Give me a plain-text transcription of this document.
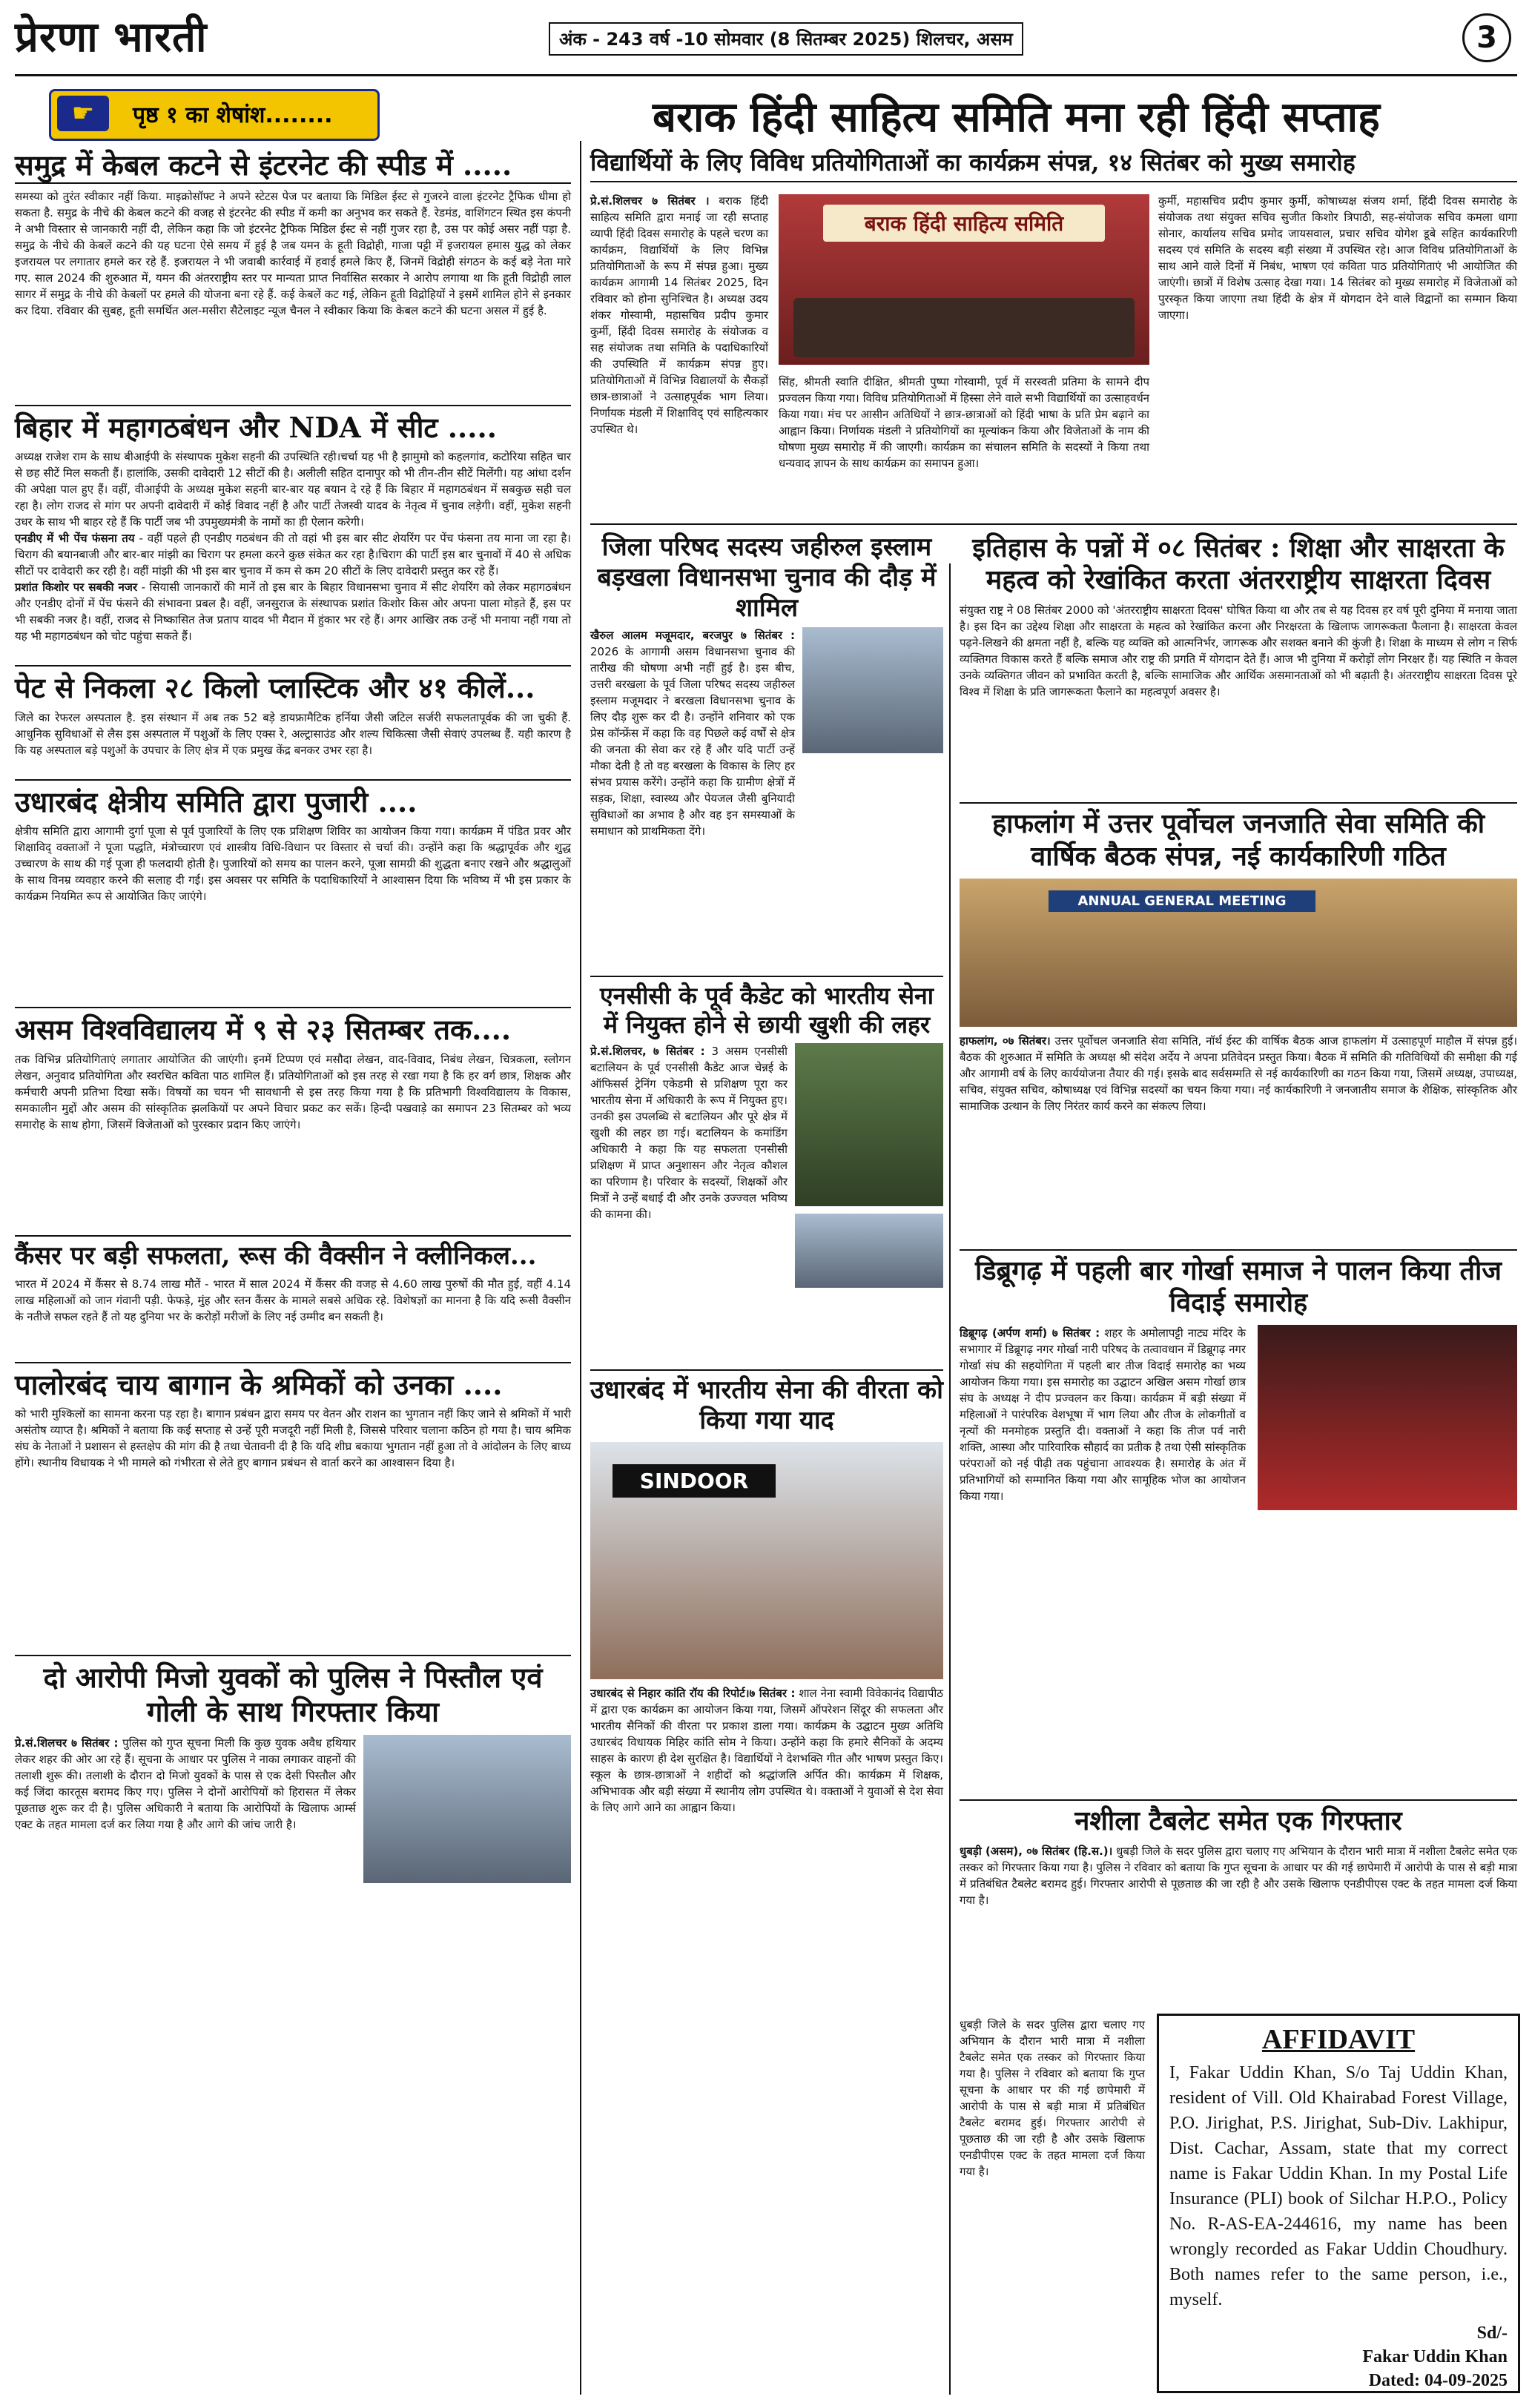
प्रेरणा भारती	अंक - 243 वर्ष -10 सोमवार (8 सितम्बर 2025) शिलचर, असम	3
☛	पृष्ठ १ का शेषांश........	बराक हिंदी साहित्य समिति मना रही हिंदी सप्ताह
समुद्र में केबल कटने से इंटरनेट की स्पीड में .....
समस्या को तुरंत स्वीकार नहीं किया. माइक्रोसॉफ्ट ने अपने स्टेटस पेज पर बताया कि मिडिल ईस्ट से गुजरने वाला इंटरनेट ट्रैफिक धीमा हो सकता है. समुद्र के नीचे की केबल कटने की वजह से इंटरनेट की स्पीड में कमी का अनुभव कर सकते हैं. रेडमंड, वाशिंगटन स्थित इस कंपनी ने अभी विस्तार से जानकारी नहीं दी, लेकिन कहा कि जो इंटरनेट ट्रैफिक मिडिल ईस्ट से नहीं गुजर रहा है, उस पर कोई असर नहीं पड़ा है. समुद्र के नीचे की केबलें कटने की यह घटना ऐसे समय में हुई है जब यमन के हूती विद्रोही, गाजा पट्टी में इजरायल हमास युद्ध को लेकर इजरायल पर लगातार हमले कर रहे हैं. इजरायल ने भी जवाबी कार्रवाई में हवाई हमले किए हैं, जिनमें विद्रोही संगठन के कई बड़े नेता मारे गए. साल 2024 की शुरुआत में, यमन की अंतरराष्ट्रीय स्तर पर मान्यता प्राप्त निर्वासित सरकार ने आरोप लगाया था कि हूती विद्रोही लाल सागर में समुद्र के नीचे की केबलों पर हमले की योजना बना रहे हैं. कई केबलें कट गई, लेकिन हूती विद्रोहियों ने इसमें शामिल होने से इनकार कर दिया. रविवार की सुबह, हूती समर्थित अल-मसीरा सैटेलाइट न्यूज चैनल ने स्वीकार किया कि केबल कटने की घटना असल में हुई है.
बिहार में महागठबंधन और NDA में सीट .....
अध्यक्ष राजेश राम के साथ बीआईपी के संस्थापक मुकेश सहनी की उपस्थिति रही।चर्चा यह भी है झामुमो को कहलगांव, कटोरिया सहित चार से छह सीटें मिल सकती हैं। हालांकि, उसकी दावेदारी 12 सीटों की है। अलीली सहित दानापुर को भी तीन-तीन सीटें मिलेंगी। यह आंधा दर्शन की अपेक्षा पाल हुए हैं। वहीं, वीआईपी के अध्यक्ष मुकेश सहनी बार-बार यह बयान दे रहे हैं कि बिहार में महागठबंधन में सबकुछ सही चल रहा है। लोग राजद से मांग पर अपनी दावेदारी में कोई विवाद नहीं है और पार्टी तेजस्वी यादव के नेतृत्व में चुनाव लड़ेगी। वहीं, मुकेश सहनी उधर के साथ भी बाहर रहे हैं कि पार्टी जब भी उपमुख्यमंत्री के नामों का ही ऐलान करेगी।
एनडीए में भी पेंच फंसना तय - वहीं पहले ही एनडीए गठबंधन की तो वहां भी इस बार सीट शेयरिंग पर पेंच फंसना तय माना जा रहा है। चिराग की बयानबाजी और बार-बार मांझी का चिराग पर हमला करने कुछ संकेत कर रहा है।चिराग की पार्टी इस बार चुनावों में 40 से अधिक सीटों पर दावेदारी कर रही है। वहीं मांझी की भी इस बार चुनाव में कम से कम 20 सीटों के लिए दावेदारी प्रस्तुत कर रहे हैं।
प्रशांत किशोर पर सबकी नजर - सियासी जानकारों की मानें तो इस बार के बिहार विधानसभा चुनाव में सीट शेयरिंग को लेकर महागठबंधन और एनडीए दोनों में पेंच फंसने की संभावना प्रबल है। वहीं, जनसुराज के संस्थापक प्रशांत किशोर किस ओर अपना पाला मोड़ते हैं, इस पर भी सबकी नजर है। वहीं, राजद से निष्कासित तेज प्रताप यादव भी मैदान में हुंकार भर रहे हैं। अगर आखिर तक उन्हें भी मनाया नहीं गया तो यह भी महागठबंधन को चोट पहुंचा सकते हैं।
पेट से निकला २८ किलो प्लास्टिक और ४१ कीलें...
जिले का रेफरल अस्पताल है. इस संस्थान में अब तक 52 बड़े डायफ्रामैटिक हर्निया जैसी जटिल सर्जरी सफलतापूर्वक की जा चुकी हैं. आधुनिक सुविधाओं से लैस इस अस्पताल में पशुओं के लिए एक्स रे, अल्ट्रासाउंड और शल्य चिकित्सा जैसी सेवाएं उपलब्ध हैं. यही कारण है कि यह अस्पताल बड़े पशुओं के उपचार के लिए क्षेत्र में एक प्रमुख केंद्र बनकर उभर रहा है।
उधारबंद क्षेत्रीय समिति द्वारा पुजारी ....
क्षेत्रीय समिति द्वारा आगामी दुर्गा पूजा से पूर्व पुजारियों के लिए एक प्रशिक्षण शिविर का आयोजन किया गया। कार्यक्रम में पंडित प्रवर और शिक्षाविद् वक्ताओं ने पूजा पद्धति, मंत्रोच्चारण एवं शास्त्रीय विधि-विधान पर विस्तार से चर्चा की। उन्होंने कहा कि श्रद्धापूर्वक और शुद्ध उच्चारण के साथ की गई पूजा ही फलदायी होती है। पुजारियों को समय का पालन करने, पूजा सामग्री की शुद्धता बनाए रखने और श्रद्धालुओं के साथ विनम्र व्यवहार करने की सलाह दी गई। इस अवसर पर समिति के पदाधिकारियों ने आश्वासन दिया कि भविष्य में भी इस प्रकार के कार्यक्रम नियमित रूप से आयोजित किए जाएंगे।
असम विश्वविद्यालय में ९ से २३ सितम्बर तक....
तक विभिन्न प्रतियोगिताएं लगातार आयोजित की जाएंगी। इनमें टिप्पण एवं मसौदा लेखन, वाद-विवाद, निबंध लेखन, चित्रकला, स्लोगन लेखन, अनुवाद प्रतियोगिता और स्वरचित कविता पाठ शामिल हैं। प्रतियोगिताओं को इस तरह से रखा गया है कि हर वर्ग छात्र, शिक्षक और कर्मचारी अपनी प्रतिभा दिखा सकें। विषयों का चयन भी सावधानी से इस तरह किया गया है कि प्रतिभागी विश्वविद्यालय के विकास, समकालीन मुद्दों और असम की सांस्कृतिक झलकियों पर अपने विचार प्रकट कर सकें। हिन्दी पखवाड़े का समापन 23 सितम्बर को भव्य समारोह के साथ होगा, जिसमें विजेताओं को पुरस्कार प्रदान किए जाएंगे।
कैंसर पर बड़ी सफलता, रूस की वैक्सीन ने क्लीनिकल...
भारत में 2024 में कैंसर से 8.74 लाख मौतें - भारत में साल 2024 में कैंसर की वजह से 4.60 लाख पुरुषों की मौत हुई, वहीं 4.14 लाख महिलाओं को जान गंवानी पड़ी. फेफड़े, मुंह और स्तन कैंसर के मामले सबसे अधिक रहे. विशेषज्ञों का मानना है कि यदि रूसी वैक्सीन के नतीजे सफल रहते हैं तो यह दुनिया भर के करोड़ों मरीजों के लिए नई उम्मीद बन सकती है।
पालोरबंद चाय बागान के श्रमिकों को उनका ....
को भारी मुश्किलों का सामना करना पड़ रहा है। बागान प्रबंधन द्वारा समय पर वेतन और राशन का भुगतान नहीं किए जाने से श्रमिकों में भारी असंतोष व्याप्त है। श्रमिकों ने बताया कि कई सप्ताह से उन्हें पूरी मजदूरी नहीं मिली है, जिससे परिवार चलाना कठिन हो गया है। चाय श्रमिक संघ के नेताओं ने प्रशासन से हस्तक्षेप की मांग की है तथा चेतावनी दी है कि यदि शीघ्र बकाया भुगतान नहीं हुआ तो वे आंदोलन के लिए बाध्य होंगे। स्थानीय विधायक ने भी मामले को गंभीरता से लेते हुए बागान प्रबंधन से वार्ता करने का आश्वासन दिया है।
दो आरोपी मिजो युवकों को पुलिस ने पिस्तौल एवं गोली के साथ गिरफ्तार किया
प्रे.सं.शिलचर ७ सितंबर : पुलिस को गुप्त सूचना मिली कि कुछ युवक अवैध हथियार लेकर शहर की ओर आ रहे हैं। सूचना के आधार पर पुलिस ने नाका लगाकर वाहनों की तलाशी शुरू की। तलाशी के दौरान दो मिजो युवकों के पास से एक देसी पिस्तौल और कई जिंदा कारतूस बरामद किए गए। पुलिस ने दोनों आरोपियों को हिरासत में लेकर पूछताछ शुरू कर दी है। पुलिस अधिकारी ने बताया कि आरोपियों के खिलाफ आर्म्स एक्ट के तहत मामला दर्ज कर लिया गया है और आगे की जांच जारी है।
विद्यार्थियों के लिए विविध प्रतियोगिताओं का कार्यक्रम संपन्न, १४ सितंबर को मुख्य समारोह
प्रे.सं.शिलचर ७ सितंबर । बराक हिंदी साहित्य समिति द्वारा मनाई जा रही सप्ताह व्यापी हिंदी दिवस समारोह के पहले चरण का कार्यक्रम, विद्यार्थियों के लिए विभिन्न प्रतियोगिताओं के रूप में संपन्न हुआ। मुख्य कार्यक्रम आगामी 14 सितंबर 2025, दिन रविवार को होना सुनिश्चित है। अध्यक्ष उदय शंकर गोस्वामी, महासचिव प्रदीप कुमार कुर्मी, हिंदी दिवस समारोह के संयोजक व सह संयोजक तथा समिति के पदाधिकारियों की उपस्थिति में कार्यक्रम संपन्न हुए। प्रतियोगिताओं में विभिन्न विद्यालयों के सैकड़ों छात्र-छात्राओं ने उत्साहपूर्वक भाग लिया। निर्णायक मंडली में शिक्षाविद् एवं साहित्यकार उपस्थित थे।
बराक हिंदी साहित्य समिति
सिंह, श्रीमती स्वाति दीक्षित, श्रीमती पुष्पा गोस्वामी, पूर्व में सरस्वती प्रतिमा के सामने दीप प्रज्वलन किया गया। विविध प्रतियोगिताओं में हिस्सा लेने वाले सभी विद्यार्थियों का उत्साहवर्धन किया गया। मंच पर आसीन अतिथियों ने छात्र-छात्राओं को हिंदी भाषा के प्रति प्रेम बढ़ाने का आह्वान किया। निर्णायक मंडली ने प्रतियोगियों का मूल्यांकन किया और विजेताओं के नाम की घोषणा मुख्य समारोह में की जाएगी। कार्यक्रम का संचालन समिति के सदस्यों ने किया तथा धन्यवाद ज्ञापन के साथ कार्यक्रम का समापन हुआ।
कुर्मी, महासचिव प्रदीप कुमार कुर्मी, कोषाध्यक्ष संजय शर्मा, हिंदी दिवस समारोह के संयोजक तथा संयुक्त सचिव सुजीत किशोर त्रिपाठी, सह-संयोजक सचिव कमला धागा सोनार, कार्यालय सचिव प्रमोद जायसवाल, प्रचार सचिव योगेश डूबे सहित कार्यकारिणी सदस्य एवं समिति के सदस्य बड़ी संख्या में उपस्थित रहे। आज विविध प्रतियोगिताओं के साथ आने वाले दिनों में निबंध, भाषण एवं कविता पाठ प्रतियोगिताएं भी आयोजित की जाएंगी। छात्रों में विशेष उत्साह देखा गया। 14 सितंबर को मुख्य समारोह में विजेताओं को पुरस्कृत किया जाएगा तथा हिंदी के क्षेत्र में योगदान देने वाले विद्वानों का सम्मान किया जाएगा।
जिला परिषद सदस्य जहीरुल इस्लाम बड़खला विधानसभा चुनाव की दौड़ में शामिल
खैरुल आलम मजूमदार, बरजपुर ७ सितंबर : 2026 के आगामी असम विधानसभा चुनाव की तारीख की घोषणा अभी नहीं हुई है। इस बीच, उत्तरी बरखला के पूर्व जिला परिषद सदस्य जहीरुल इस्लाम मजूमदार ने बरखला विधानसभा चुनाव के लिए दौड़ शुरू कर दी है। उन्होंने शनिवार को एक प्रेस कॉन्फ्रेंस में कहा कि वह पिछले कई वर्षों से क्षेत्र की जनता की सेवा कर रहे हैं और यदि पार्टी उन्हें मौका देती है तो वह बरखला के विकास के लिए हर संभव प्रयास करेंगे। उन्होंने कहा कि ग्रामीण क्षेत्रों में सड़क, शिक्षा, स्वास्थ्य और पेयजल जैसी बुनियादी सुविधाओं का अभाव है और वह इन समस्याओं के समाधान को प्राथमिकता देंगे।
एनसीसी के पूर्व कैडेट को भारतीय सेना में नियुक्त होने से छायी खुशी की लहर
प्रे.सं.शिलचर, ७ सितंबर : 3 असम एनसीसी बटालियन के पूर्व एनसीसी कैडेट आज चेन्नई के ऑफिसर्स ट्रेनिंग एकेडमी से प्रशिक्षण पूरा कर भारतीय सेना में अधिकारी के रूप में नियुक्त हुए। उनकी इस उपलब्धि से बटालियन और पूरे क्षेत्र में खुशी की लहर छा गई। बटालियन के कमांडिंग अधिकारी ने कहा कि यह सफलता एनसीसी प्रशिक्षण में प्राप्त अनुशासन और नेतृत्व कौशल का परिणाम है। परिवार के सदस्यों, शिक्षकों और मित्रों ने उन्हें बधाई दी और उनके उज्ज्वल भविष्य की कामना की।
उधारबंद में भारतीय सेना की वीरता को किया गया याद
SINDOOR
उधारबंद से निहार कांति रॉय की रिपोर्ट।७ सितंबर : शाल नेना स्वामी विवेकानंद विद्यापीठ में द्वारा एक कार्यक्रम का आयोजन किया गया, जिसमें ऑपरेशन सिंदूर की सफलता और भारतीय सैनिकों की वीरता पर प्रकाश डाला गया। कार्यक्रम के उद्घाटन मुख्य अतिथि उधारबंद विधायक मिहिर कांति सोम ने किया। उन्होंने कहा कि हमारे सैनिकों के अदम्य साहस के कारण ही देश सुरक्षित है। विद्यार्थियों ने देशभक्ति गीत और भाषण प्रस्तुत किए। स्कूल के छात्र-छात्राओं ने शहीदों को श्रद्धांजलि अर्पित की। कार्यक्रम में शिक्षक, अभिभावक और बड़ी संख्या में स्थानीय लोग उपस्थित थे। वक्ताओं ने युवाओं से देश सेवा के लिए आगे आने का आह्वान किया।
इतिहास के पन्नों में ०८ सितंबर : शिक्षा और साक्षरता के महत्व को रेखांकित करता अंतरराष्ट्रीय साक्षरता दिवस
संयुक्त राष्ट्र ने 08 सितंबर 2000 को 'अंतरराष्ट्रीय साक्षरता दिवस' घोषित किया था और तब से यह दिवस हर वर्ष पूरी दुनिया में मनाया जाता है। इस दिन का उद्देश्य शिक्षा और साक्षरता के महत्व को रेखांकित करना और निरक्षरता के खिलाफ जागरूकता फैलाना है। साक्षरता केवल पढ़ने-लिखने की क्षमता नहीं है, बल्कि यह व्यक्ति को आत्मनिर्भर, जागरूक और सशक्त बनाने की कुंजी है। शिक्षा के माध्यम से लोग न सिर्फ व्यक्तिगत विकास करते हैं बल्कि समाज और राष्ट्र की प्रगति में योगदान देते हैं। आज भी दुनिया में करोड़ों लोग निरक्षर हैं। यह स्थिति न केवल उनके व्यक्तिगत जीवन को प्रभावित करती है, बल्कि सामाजिक और आर्थिक असमानताओं को भी बढ़ाती है। अंतरराष्ट्रीय साक्षरता दिवस पूरे विश्व में शिक्षा के प्रति जागरूकता फैलाने का महत्वपूर्ण अवसर है।
हाफलांग में उत्तर पूर्वोचल जनजाति सेवा समिति की वार्षिक बैठक संपन्न, नई कार्यकारिणी गठित
ANNUAL GENERAL MEETING
हाफलांग, ०७ सितंबर। उत्तर पूर्वोचल जनजाति सेवा समिति, नॉर्थ ईस्ट की वार्षिक बैठक आज हाफलांग में उत्साहपूर्ण माहौल में संपन्न हुई। बैठक की शुरुआत में समिति के अध्यक्ष श्री संदेश अर्देय ने अपना प्रतिवेदन प्रस्तुत किया। बैठक में समिति की गतिविधियों की समीक्षा की गई और आगामी वर्ष के लिए कार्ययोजना तैयार की गई। इसके बाद सर्वसम्मति से नई कार्यकारिणी का गठन किया गया, जिसमें अध्यक्ष, उपाध्यक्ष, सचिव, संयुक्त सचिव, कोषाध्यक्ष एवं विभिन्न सदस्यों का चयन किया गया। नई कार्यकारिणी ने जनजातीय समाज के शैक्षिक, सांस्कृतिक और सामाजिक उत्थान के लिए निरंतर कार्य करने का संकल्प लिया।
डिब्रूगढ़ में पहली बार गोर्खा समाज ने पालन किया तीज विदाई समारोह
डिब्रूगढ़ (अर्पण शर्मा) ७ सितंबर : शहर के अमोलापट्टी नाट्य मंदिर के सभागार में डिब्रूगढ़ नगर गोर्खा नारी परिषद के तत्वावधान में डिब्रूगढ़ नगर गोर्खा संघ की सहयोगिता में पहली बार तीज विदाई समारोह का भव्य आयोजन किया गया। इस समारोह का उद्घाटन अखिल असम गोर्खा छात्र संघ के अध्यक्ष ने दीप प्रज्वलन कर किया। कार्यक्रम में बड़ी संख्या में महिलाओं ने पारंपरिक वेशभूषा में भाग लिया और तीज के लोकगीतों व नृत्यों की मनमोहक प्रस्तुति दी। वक्ताओं ने कहा कि तीज पर्व नारी शक्ति, आस्था और पारिवारिक सौहार्द का प्रतीक है तथा ऐसी सांस्कृतिक परंपराओं को नई पीढ़ी तक पहुंचाना आवश्यक है। समारोह के अंत में प्रतिभागियों को सम्मानित किया गया और सामूहिक भोज का आयोजन किया गया।
नशीला टैबलेट समेत एक गिरफ्तार
धुबड़ी (असम), ०७ सितंबर (हि.स.)। धुबड़ी जिले के सदर पुलिस द्वारा चलाए गए अभियान के दौरान भारी मात्रा में नशीला टैबलेट समेत एक तस्कर को गिरफ्तार किया गया है। पुलिस ने रविवार को बताया कि गुप्त सूचना के आधार पर की गई छापेमारी में आरोपी के पास से बड़ी मात्रा में प्रतिबंधित टैबलेट बरामद हुई। गिरफ्तार आरोपी से पूछताछ की जा रही है और उसके खिलाफ एनडीपीएस एक्ट के तहत मामला दर्ज किया गया है।
धुबड़ी जिले के सदर पुलिस द्वारा चलाए गए अभियान के दौरान भारी मात्रा में नशीला टैबलेट समेत एक तस्कर को गिरफ्तार किया गया है। पुलिस ने रविवार को बताया कि गुप्त सूचना के आधार पर की गई छापेमारी में आरोपी के पास से बड़ी मात्रा में प्रतिबंधित टैबलेट बरामद हुई। गिरफ्तार आरोपी से पूछताछ की जा रही है और उसके खिलाफ एनडीपीएस एक्ट के तहत मामला दर्ज किया गया है।
AFFIDAVIT
I, Fakar Uddin Khan, S/o Taj Uddin Khan, resident of Vill. Old Khairabad Forest Village, P.O. Jirighat, P.S. Jirighat, Sub-Div. Lakhipur, Dist. Cachar, Assam, state that my correct name is Fakar Uddin Khan. In my Postal Life Insurance (PLI) book of Silchar H.P.O., Policy No. R-AS-EA-244616, my name has been wrongly recorded as Fakar Uddin Choudhury. Both names refer to the same person, i.e., myself.
Sd/-
Fakar Uddin Khan
Dated: 04-09-2025
